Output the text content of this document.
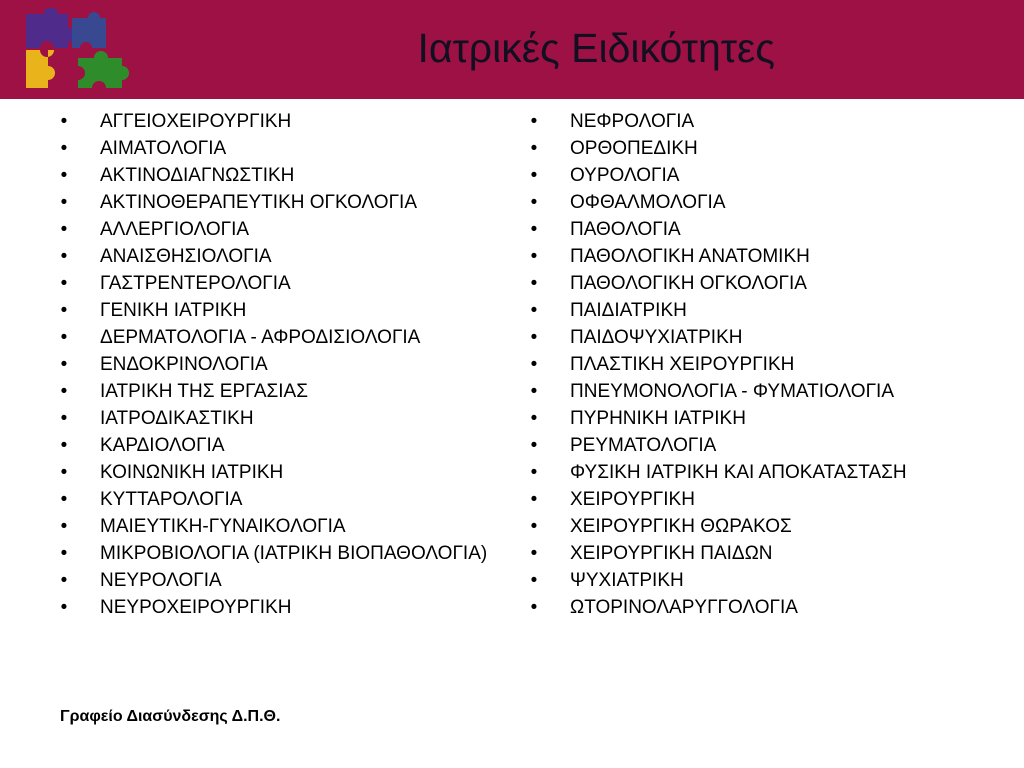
Ιατρικές Ειδικότητες
• ΑΓΓΕΙΟΧΕΙΡΟΥΡΓΙΚΗ
• ΑΙΜΑΤΟΛΟΓΙΑ
• ΑΚΤΙΝΟΔΙΑΓΝΩΣΤΙΚΗ
• ΑΚΤΙΝΟΘΕΡΑΠΕΥΤΙΚΗ ΟΓΚΟΛΟΓΙΑ
• ΑΛΛΕΡΓΙΟΛΟΓΙΑ
• ΑΝΑΙΣΘΗΣΙΟΛΟΓΙΑ
• ΓΑΣΤΡΕΝΤΕΡΟΛΟΓΙΑ
• ΓΕΝΙΚΗ ΙΑΤΡΙΚΗ
• ΔΕΡΜΑΤΟΛΟΓΙΑ - ΑΦΡΟΔΙΣΙΟΛΟΓΙΑ
• ΕΝΔΟΚΡΙΝΟΛΟΓΙΑ
• ΙΑΤΡΙΚΗ ΤΗΣ ΕΡΓΑΣΙΑΣ
• ΙΑΤΡΟΔΙΚΑΣΤΙΚΗ
• ΚΑΡΔΙΟΛΟΓΙΑ
• ΚΟΙΝΩΝΙΚΗ ΙΑΤΡΙΚΗ
• ΚΥΤΤΑΡΟΛΟΓΙΑ
• ΜΑΙΕΥΤΙΚΗ-ΓΥΝΑΙΚΟΛΟΓΙΑ
• ΜΙΚΡΟΒΙΟΛΟΓΙΑ (ΙΑΤΡΙΚΗ ΒΙΟΠΑΘΟΛΟΓΙΑ)
• ΝΕΥΡΟΛΟΓΙΑ
• ΝΕΥΡΟΧΕΙΡΟΥΡΓΙΚΗ
• ΝΕΦΡΟΛΟΓΙΑ
• ΟΡΘΟΠΕΔΙΚΗ
• ΟΥΡΟΛΟΓΙΑ
• ΟΦΘΑΛΜΟΛΟΓΙΑ
• ΠΑΘΟΛΟΓΙΑ
• ΠΑΘΟΛΟΓΙΚΗ ΑΝΑΤΟΜΙΚΗ
• ΠΑΘΟΛΟΓΙΚΗ ΟΓΚΟΛΟΓΙΑ
• ΠΑΙΔΙΑΤΡΙΚΗ
• ΠΑΙΔΟΨΥΧΙΑΤΡΙΚΗ
• ΠΛΑΣΤΙΚΗ ΧΕΙΡΟΥΡΓΙΚΗ
• ΠΝΕΥΜΟΝΟΛΟΓΙΑ - ΦΥΜΑΤΙΟΛΟΓΙΑ
• ΠΥΡΗΝΙΚΗ ΙΑΤΡΙΚΗ
• ΡΕΥΜΑΤΟΛΟΓΙΑ
• ΦΥΣΙΚΗ ΙΑΤΡΙΚΗ ΚΑΙ ΑΠΟΚΑΤΑΣΤΑΣΗ
• ΧΕΙΡΟΥΡΓΙΚΗ
• ΧΕΙΡΟΥΡΓΙΚΗ ΘΩΡΑΚΟΣ
• ΧΕΙΡΟΥΡΓΙΚΗ ΠΑΙΔΩΝ
• ΨΥΧΙΑΤΡΙΚΗ
• ΩΤΟΡΙΝΟΛΑΡΥΓΓΟΛΟΓΙΑ
Γραφείο Διασύνδεσης Δ.Π.Θ.
